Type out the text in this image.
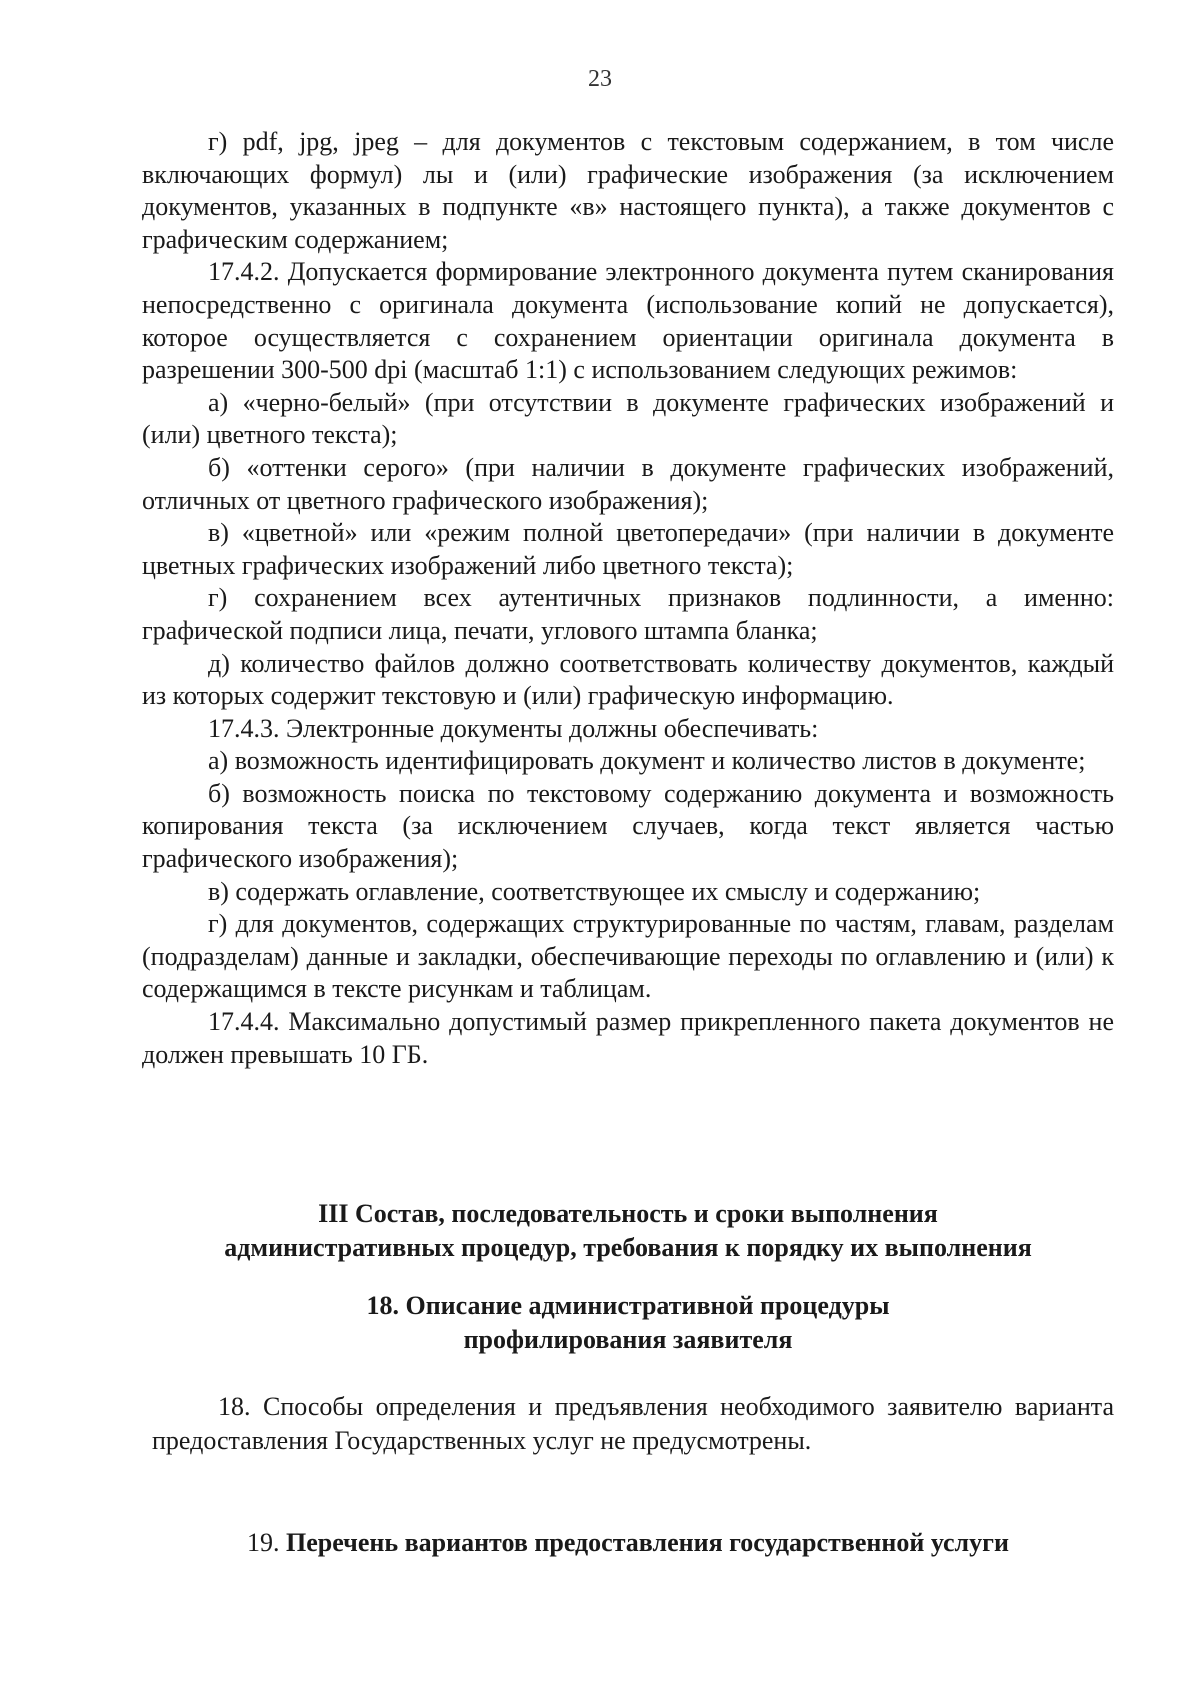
23

г) pdf, jpg, jpeg – для документов с текстовым содержанием, в том числе включающих формул) лы и (или) графические изображения (за исключением документов, указанных в подпункте «в» настоящего пункта), а также документов с графическим содержанием;

17.4.2. Допускается формирование электронного документа путем сканирования непосредственно с оригинала документа (использование копий не допускается), которое осуществляется с сохранением ориентации оригинала документа в разрешении 300-500 dpi (масштаб 1:1) с использованием следующих режимов:

а) «черно-белый» (при отсутствии в документе графических изображений и (или) цветного текста);

б) «оттенки серого» (при наличии в документе графических изображений, отличных от цветного графического изображения);

в) «цветной» или «режим полной цветопередачи» (при наличии в документе цветных графических изображений либо цветного текста);

г) сохранением всех аутентичных признаков подлинности, а именно: графической подписи лица, печати, углового штампа бланка;

д) количество файлов должно соответствовать количеству документов, каждый из которых содержит текстовую и (или) графическую информацию.

17.4.3. Электронные документы должны обеспечивать:

а) возможность идентифицировать документ и количество листов в документе;

б) возможность поиска по текстовому содержанию документа и возможность копирования текста (за исключением случаев, когда текст является частью графического изображения);

в) содержать оглавление, соответствующее их смыслу и содержанию;

г) для документов, содержащих структурированные по частям, главам, разделам (подразделам) данные и закладки, обеспечивающие переходы по оглавлению и (или) к содержащимся в тексте рисункам и таблицам.

17.4.4. Максимально допустимый размер прикрепленного пакета документов не должен превышать 10 ГБ.

III Состав, последовательность и сроки выполнения

административных процедур, требования к порядку их выполнения

18. Описание административной процедуры

профилирования заявителя

18. Способы определения и предъявления необходимого заявителю варианта предоставления Государственных услуг не предусмотрены.

19. Перечень вариантов предоставления государственной услуги
